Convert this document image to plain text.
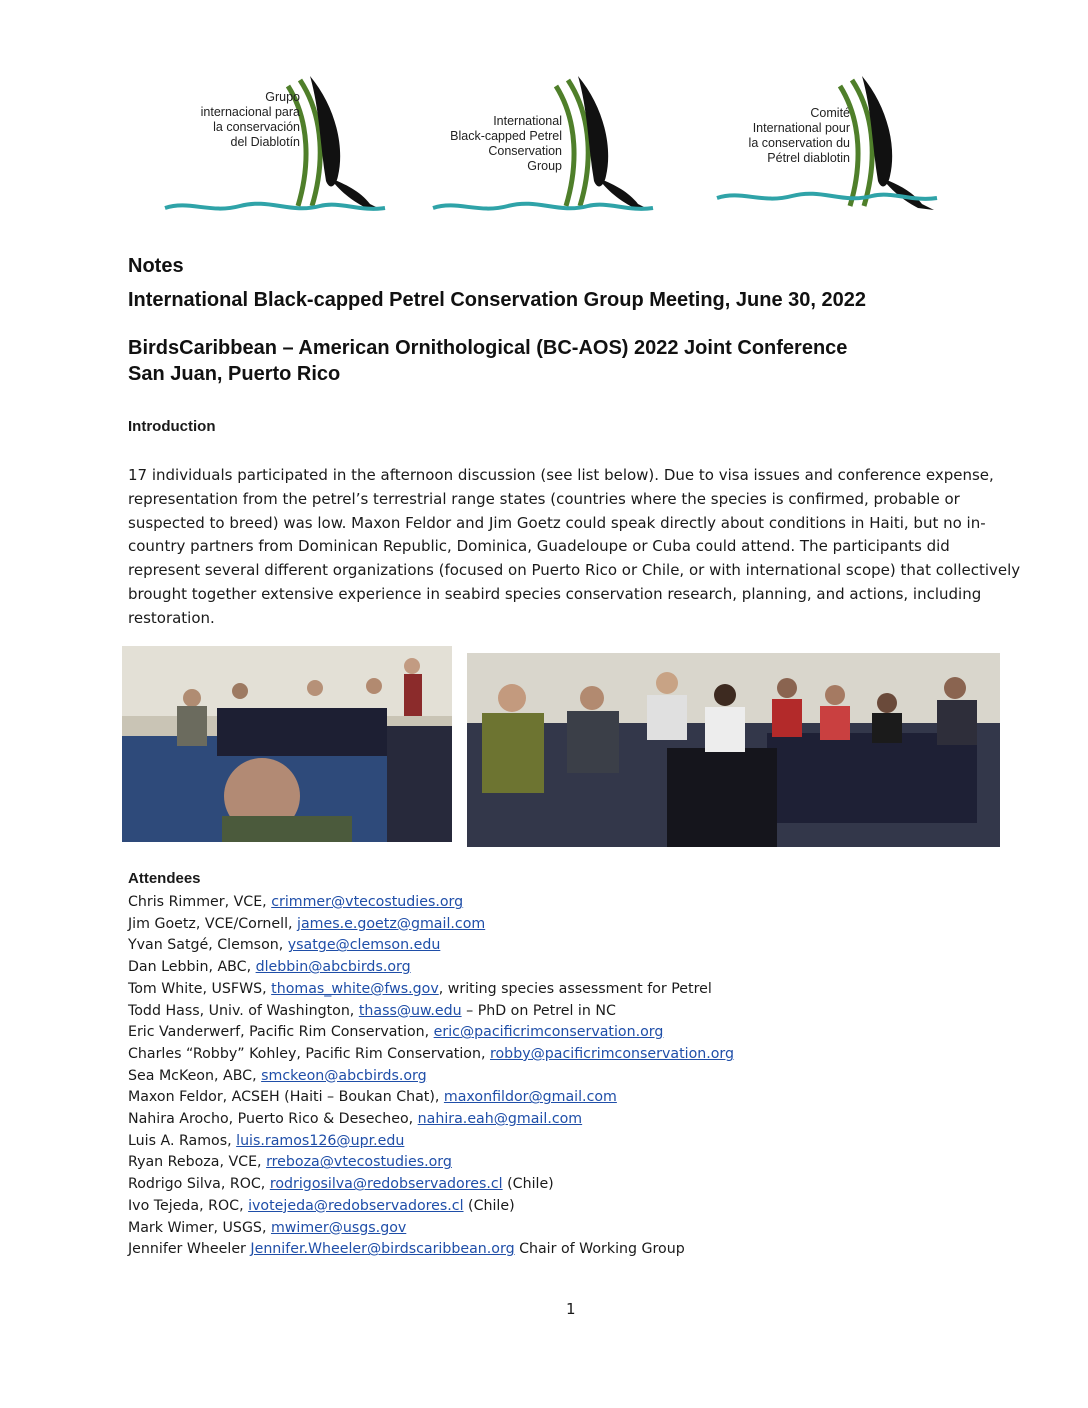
Grupo
internacional para
la conservación
del Diablotín
International
Black-capped Petrel
Conservation
Group
Comité
International pour
la conservation du
Pétrel diablotin
Notes
International Black-capped Petrel Conservation Group Meeting, June 30, 2022
BirdsCaribbean – American Ornithological (BC-AOS) 2022 Joint Conference
San Juan, Puerto Rico
Introduction

17 individuals participated in the afternoon discussion (see list below). Due to visa issues and conference expense, representation from the petrel’s terrestrial range states (countries where the species is confirmed, probable or suspected to breed) was low. Maxon Feldor and Jim Goetz could speak directly about conditions in Haiti, but no in-country partners from Dominican Republic, Dominica, Guadeloupe or Cuba could attend. The participants did represent several different organizations (focused on Puerto Rico or Chile, or with international scope) that collectively brought together extensive experience in seabird species conservation research, planning, and actions, including restoration.

Attendees
Chris Rimmer, VCE, crimmer@vtecostudies.org
Jim Goetz, VCE/Cornell, james.e.goetz@gmail.com
Yvan Satgé, Clemson, ysatge@clemson.edu
Dan Lebbin, ABC, dlebbin@abcbirds.org
Tom White, USFWS, thomas_white@fws.gov, writing species assessment for Petrel
Todd Hass, Univ. of Washington, thass@uw.edu – PhD on Petrel in NC
Eric Vanderwerf, Pacific Rim Conservation, eric@pacificrimconservation.org
Charles “Robby” Kohley, Pacific Rim Conservation, robby@pacificrimconservation.org
Sea McKeon, ABC, smckeon@abcbirds.org
Maxon Feldor, ACSEH (Haiti – Boukan Chat), maxonfildor@gmail.com
Nahira Arocho, Puerto Rico & Desecheo, nahira.eah@gmail.com
Luis A. Ramos, luis.ramos126@upr.edu
Ryan Reboza, VCE, rreboza@vtecostudies.org
Rodrigo Silva, ROC, rodrigosilva@redobservadores.cl (Chile)
Ivo Tejeda, ROC, ivotejeda@redobservadores.cl (Chile)
Mark Wimer, USGS, mwimer@usgs.gov
Jennifer Wheeler Jennifer.Wheeler@birdscaribbean.org Chair of Working Group
1
